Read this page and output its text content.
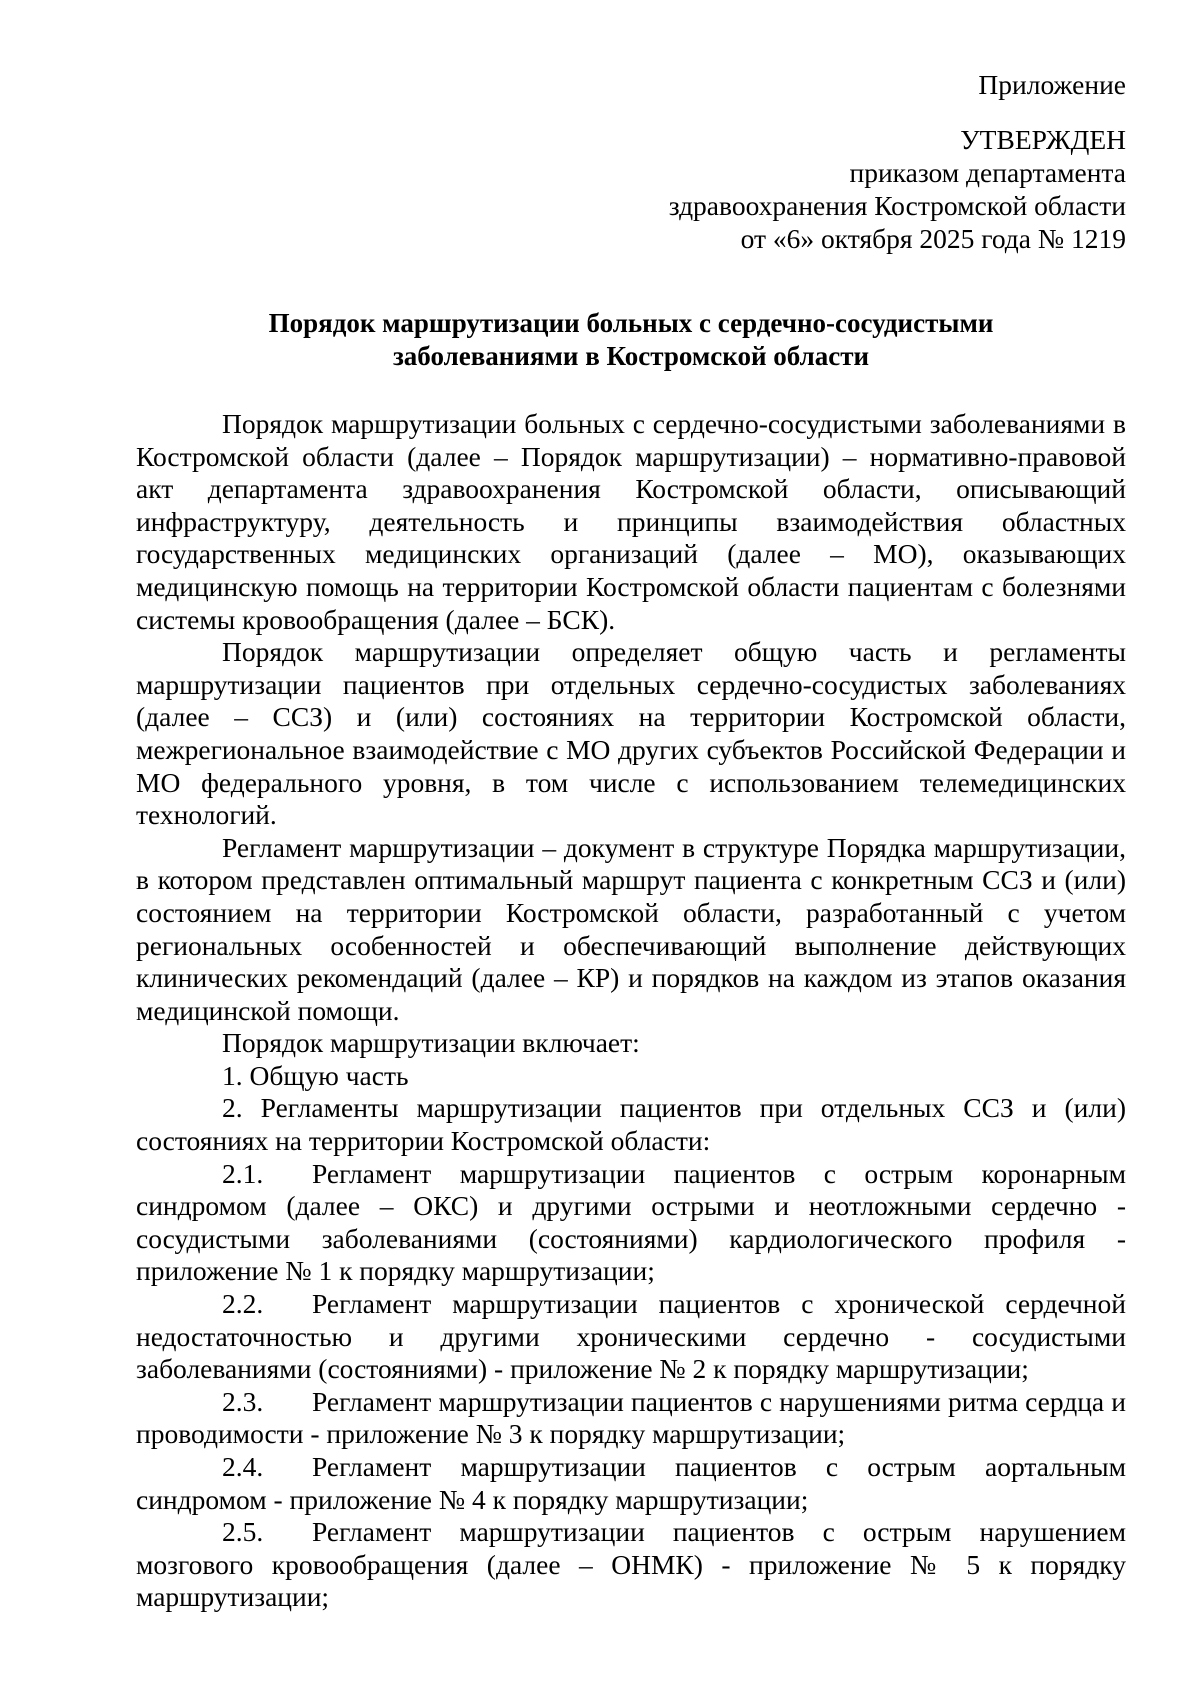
Приложение
УТВЕРЖДЕН
приказом департамента
здравоохранения Костромской области
от «6» октября 2025 года № 1219
Порядок маршрутизации больных с сердечно-сосудистыми
заболеваниями в Костромской области

Порядок маршрутизации больных с сердечно-сосудистыми заболеваниями в Костромской области (далее – Порядок маршрутизации) – нормативно-правовой акт департамента здравоохранения Костромской области, описывающий инфраструктуру, деятельность и принципы взаимодействия областных государственных медицинских организаций (далее – МО), оказывающих медицинскую помощь на территории Костромской области пациентам с болезнями системы кровообращения (далее – БСК).

Порядок маршрутизации определяет общую часть и регламенты маршрутизации пациентов при отдельных сердечно-сосудистых заболеваниях (далее – ССЗ) и (или) состояниях на территории Костромской области, межрегиональное взаимодействие с МО других субъектов Российской Федерации и МО федерального уровня, в том числе с использованием телемедицинских технологий.

Регламент маршрутизации – документ в структуре Порядка маршрутизации, в котором представлен оптимальный маршрут пациента с конкретным ССЗ и (или) состоянием на территории Костромской области, разработанный с учетом региональных особенностей и обеспечивающий выполнение действующих клинических рекомендаций (далее – КР) и порядков на каждом из этапов оказания медицинской помощи.

Порядок маршрутизации включает:

1. Общую часть

2. Регламенты маршрутизации пациентов при отдельных ССЗ и (или) состояниях на территории Костромской области:

2.1. Регламент маршрутизации пациентов с острым коронарным синдромом (далее – ОКС) и другими острыми и неотложными сердечно - сосудистыми заболеваниями (состояниями) кардиологического профиля - приложение № 1 к порядку маршрутизации;

2.2. Регламент маршрутизации пациентов с хронической сердечной недостаточностью и другими хроническими сердечно - сосудистыми заболеваниями (состояниями) - приложение № 2 к порядку маршрутизации;

2.3. Регламент маршрутизации пациентов с нарушениями ритма сердца и проводимости - приложение № 3 к порядку маршрутизации;

2.4. Регламент маршрутизации пациентов с острым аортальным синдромом - приложение № 4 к порядку маршрутизации;

2.5. Регламент маршрутизации пациентов с острым нарушением мозгового кровообращения (далее – ОНМК) - приложение № 5 к порядку маршрутизации;
